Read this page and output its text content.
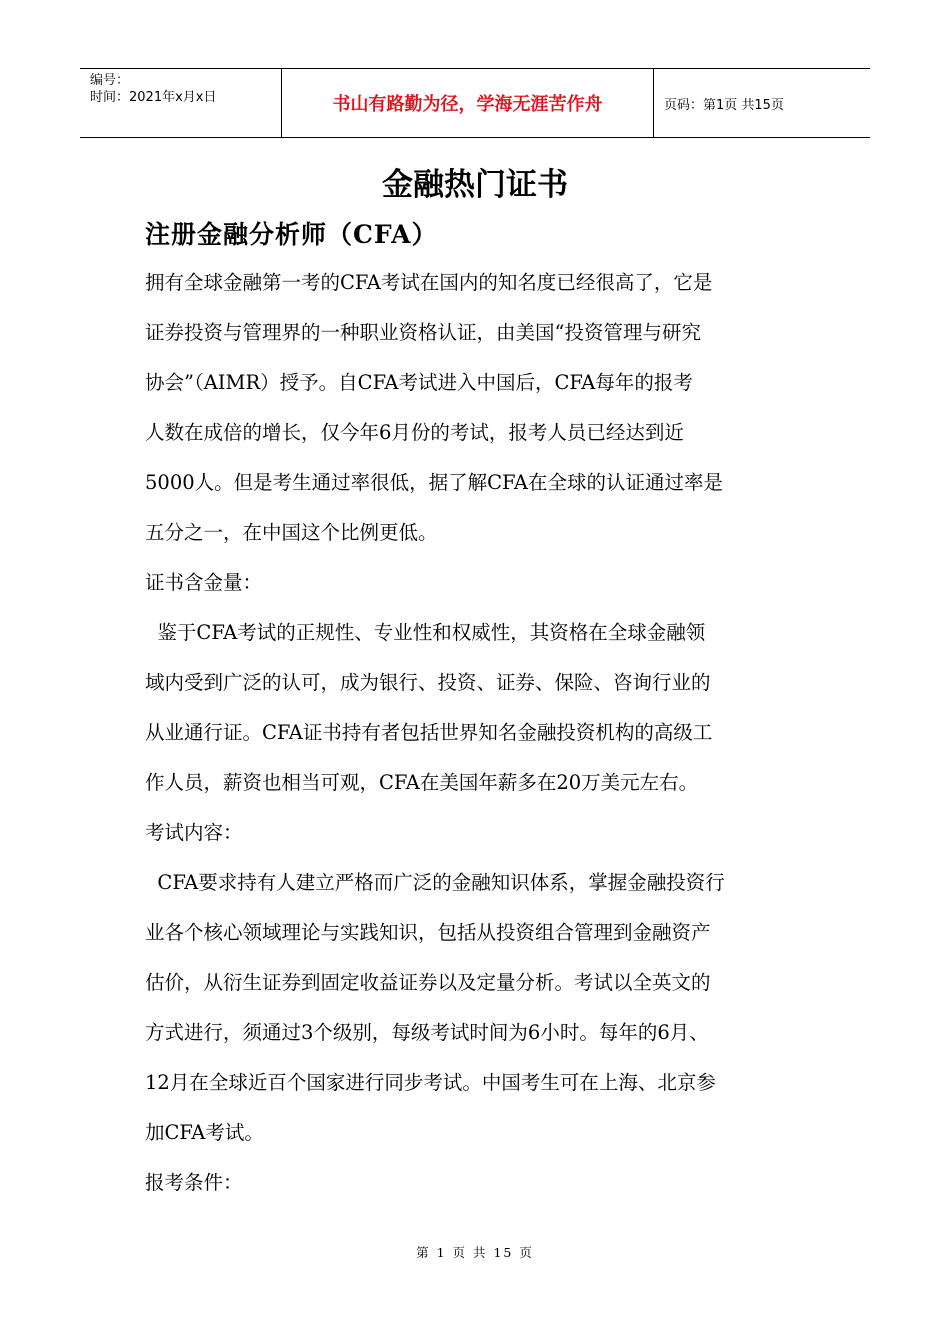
编号：
时间：2021年x月x日	书山有路勤为径，学海无涯苦作舟	页码：第1页 共15页
金融热门证书
注册金融分析师（CFA）
拥有全球金融第一考的CFA考试在国内的知名度已经很高了，它是
证券投资与管理界的一种职业资格认证，由美国“投资管理与研究
协会”（AIMR）授予。自CFA考试进入中国后，CFA每年的报考
人数在成倍的增长，仅今年6月份的考试，报考人员已经达到近
5000人。但是考生通过率很低，据了解CFA在全球的认证通过率是
五分之一，在中国这个比例更低。
证书含金量：
鉴于CFA考试的正规性、专业性和权威性，其资格在全球金融领
域内受到广泛的认可，成为银行、投资、证券、保险、咨询行业的
从业通行证。CFA证书持有者包括世界知名金融投资机构的高级工
作人员，薪资也相当可观，CFA在美国年薪多在20万美元左右。
考试内容：
CFA要求持有人建立严格而广泛的金融知识体系，掌握金融投资行
业各个核心领域理论与实践知识，包括从投资组合管理到金融资产
估价，从衍生证券到固定收益证券以及定量分析。考试以全英文的
方式进行，须通过3个级别，每级考试时间为6小时。每年的6月、
12月在全球近百个国家进行同步考试。中国考生可在上海、北京参
加CFA考试。
报考条件：
第 1 页 共 15 页
